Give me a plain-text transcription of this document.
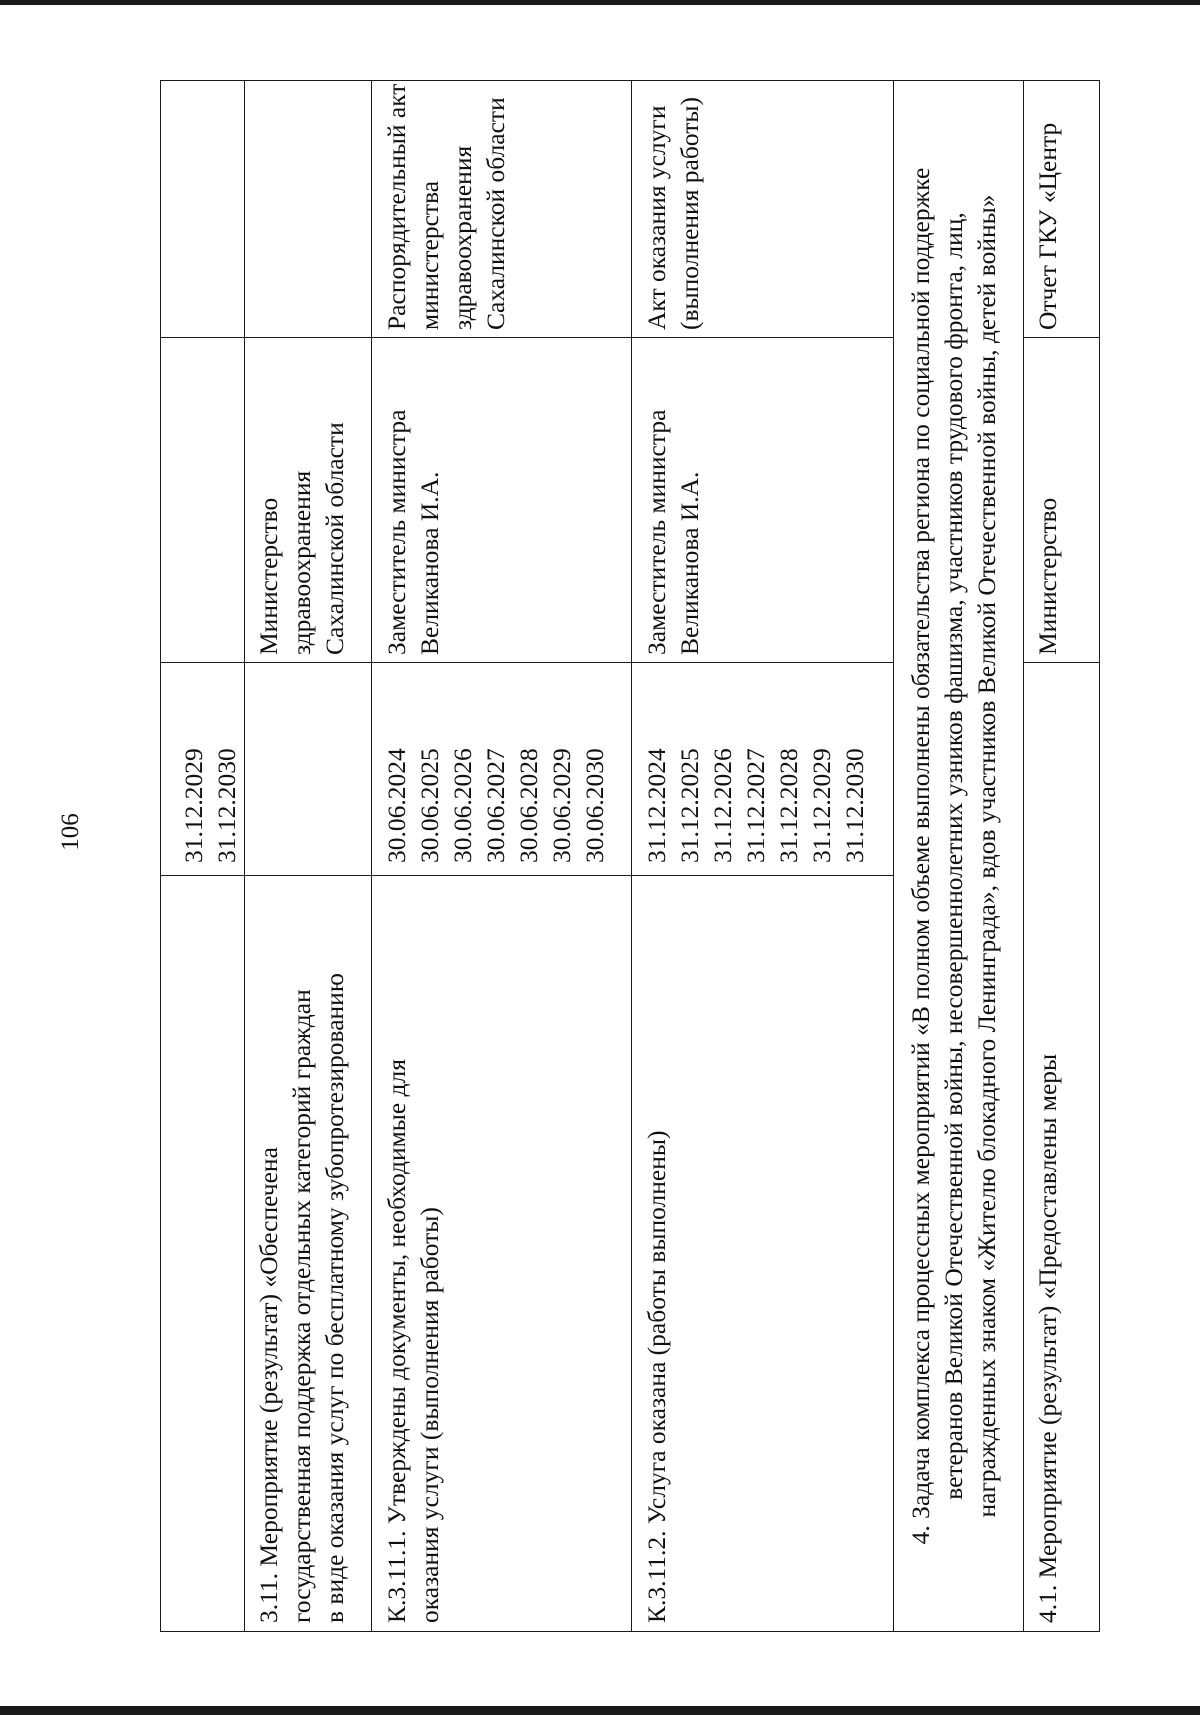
106	31.12.2029 31.12.2030
3.11. Мероприятие (результат) «Обеспечена государственная поддержка отдельных категорий граждан в виде оказания услуг по бесплатному зубопротезированию
Министерство здравоохранения Сахалинской области
К.3.11.1. Утверждены документы, необходимые для оказания услуги (выполнения работы)
30.06.2024 30.06.2025 30.06.2026 30.06.2027 30.06.2028 30.06.2029 30.06.2030
Заместитель министра Великанова И.А.
Распорядительный акт министерства здравоохранения Сахалинской области
К.3.11.2. Услуга оказана (работы выполнены)
31.12.2024 31.12.2025 31.12.2026 31.12.2027 31.12.2028 31.12.2029 31.12.2030
Заместитель министра Великанова И.А.
Акт оказания услуги (выполнения работы)	4. Задача комплекса процессных мероприятий «В полном объеме выполнены обязательства региона по социальной поддержке ветеранов Великой Отечественной войны, несовершеннолетних узников фашизма, участников трудового фронта, лиц, награжденных знаком «Жителю блокадного Ленинграда», вдов участников Великой Отечественной войны, детей войны» 4.1. Мероприятие (результат) «Предоставлены меры
Министерство
Отчет ГКУ «Центр
